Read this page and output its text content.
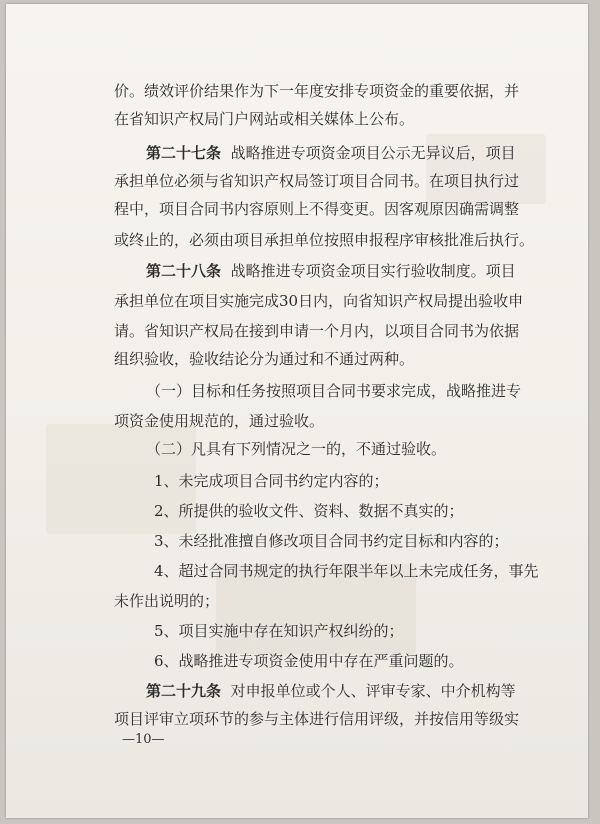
价。绩效评价结果作为下一年度安排专项资金的重要依据，并
在省知识产权局门户网站或相关媒体上公布。
第二十七条 战略推进专项资金项目公示无异议后，项目
承担单位必须与省知识产权局签订项目合同书。在项目执行过
程中，项目合同书内容原则上不得变更。因客观原因确需调整
或终止的，必须由项目承担单位按照申报程序审核批准后执行。
第二十八条 战略推进专项资金项目实行验收制度。项目
承担单位在项目实施完成30日内，向省知识产权局提出验收申
请。省知识产权局在接到申请一个月内，以项目合同书为依据
组织验收，验收结论分为通过和不通过两种。
（一）目标和任务按照项目合同书要求完成，战略推进专
项资金使用规范的，通过验收。
（二）凡具有下列情况之一的，不通过验收。
1、未完成项目合同书约定内容的；
2、所提供的验收文件、资料、数据不真实的；
3、未经批准擅自修改项目合同书约定目标和内容的；
4、超过合同书规定的执行年限半年以上未完成任务，事先
未作出说明的；
5、项目实施中存在知识产权纠纷的；
6、战略推进专项资金使用中存在严重问题的。
第二十九条 对申报单位或个人、评审专家、中介机构等
项目评审立项环节的参与主体进行信用评级，并按信用等级实
—10—
